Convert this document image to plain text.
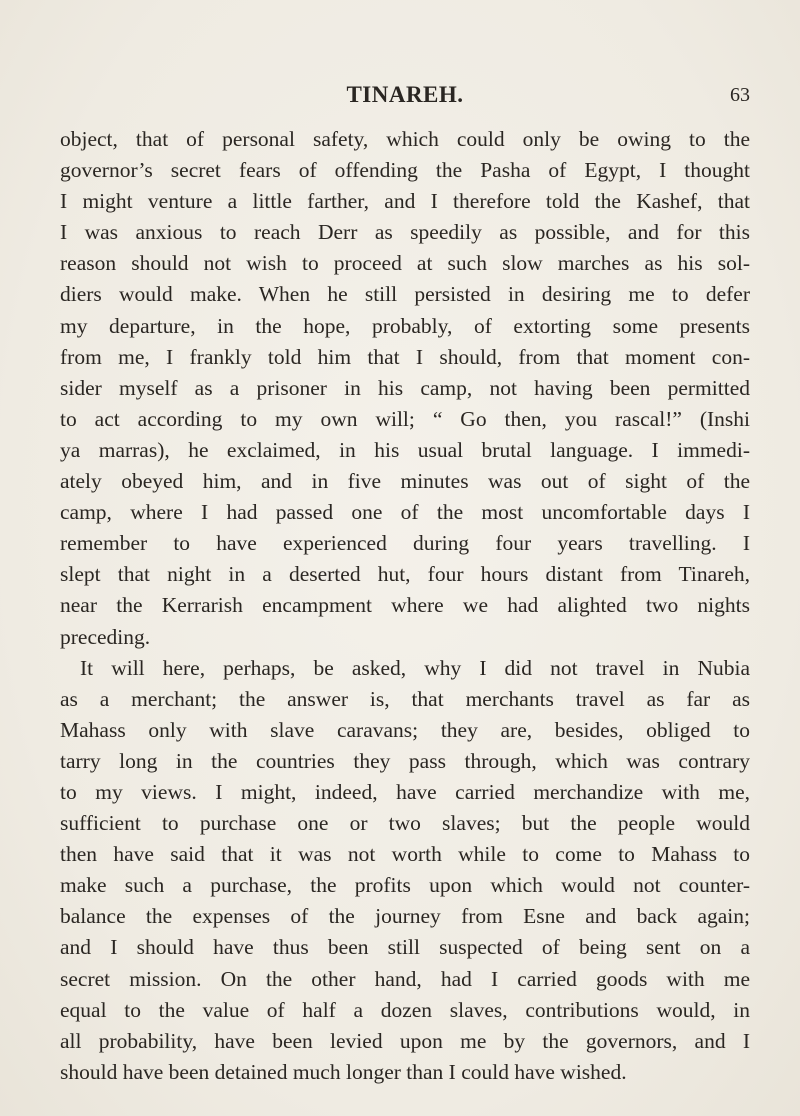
TINAREH.	63
object, that of personal safety, which could only be owing to the
governor’s secret fears of offending the Pasha of Egypt, I thought
I might venture a little farther, and I therefore told the Kashef, that
I was anxious to reach Derr as speedily as possible, and for this
reason should not wish to proceed at such slow marches as his sol-
diers would make. When he still persisted in desiring me to defer
my departure, in the hope, probably, of extorting some presents
from me, I frankly told him that I should, from that moment con-
sider myself as a prisoner in his camp, not having been permitted
to act according to my own will; “ Go then, you rascal!” (Inshi
ya marras), he exclaimed, in his usual brutal language. I immedi-
ately obeyed him, and in five minutes was out of sight of the
camp, where I had passed one of the most uncomfortable days I
remember to have experienced during four years travelling. I
slept that night in a deserted hut, four hours distant from Tinareh,
near the Kerrarish encampment where we had alighted two nights
preceding.
It will here, perhaps, be asked, why I did not travel in Nubia
as a merchant; the answer is, that merchants travel as far as
Mahass only with slave caravans; they are, besides, obliged to
tarry long in the countries they pass through, which was contrary
to my views. I might, indeed, have carried merchandize with me,
sufficient to purchase one or two slaves; but the people would
then have said that it was not worth while to come to Mahass to
make such a purchase, the profits upon which would not counter-
balance the expenses of the journey from Esne and back again;
and I should have thus been still suspected of being sent on a
secret mission. On the other hand, had I carried goods with me
equal to the value of half a dozen slaves, contributions would, in
all probability, have been levied upon me by the governors, and I
should have been detained much longer than I could have wished.
